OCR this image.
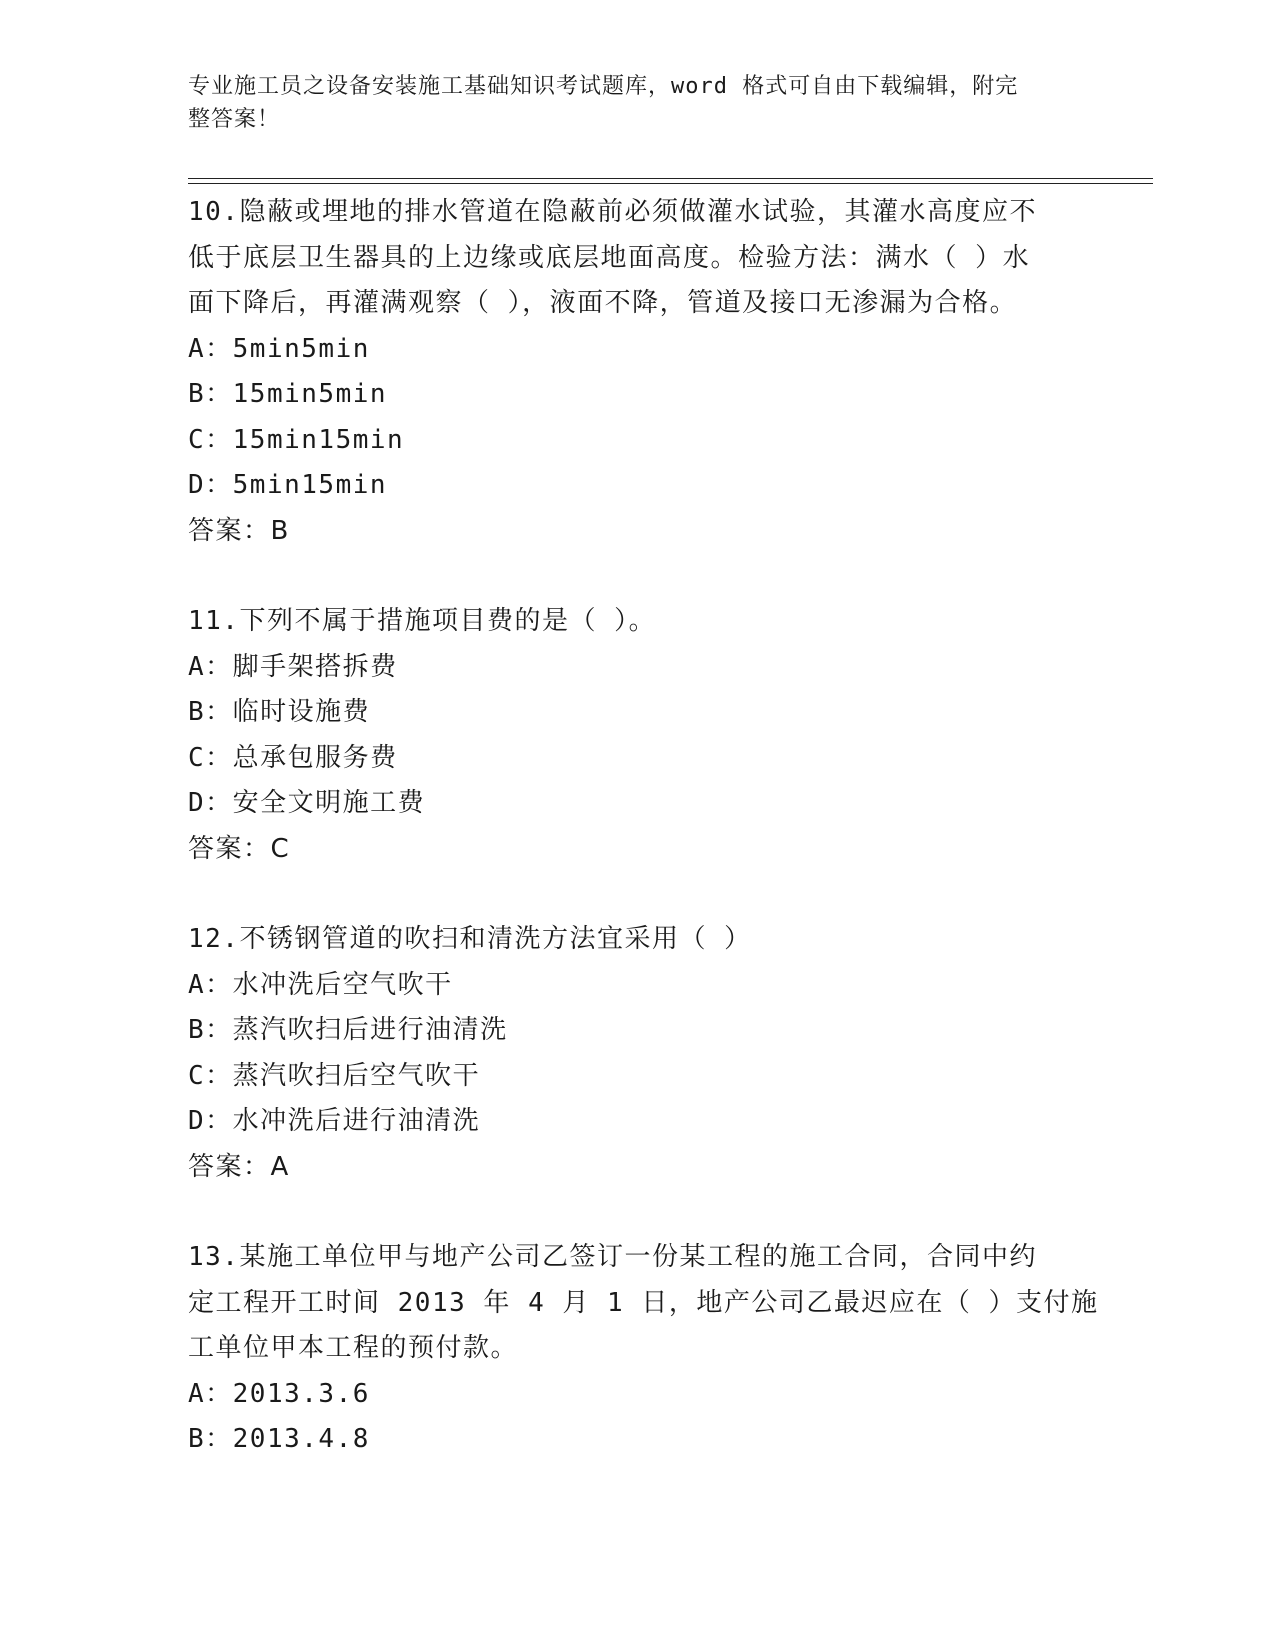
专业施工员之设备安装施工基础知识考试题库，word 格式可自由下载编辑，附完
整答案！
10.隐蔽或埋地的排水管道在隐蔽前必须做灌水试验，其灌水高度应不
低于底层卫生器具的上边缘或底层地面高度。检验方法：满水（ ）水
面下降后，再灌满观察（ ），液面不降，管道及接口无渗漏为合格。
A：5min5min
B：15min5min
C：15min15min
D：5min15min
答案：B
11.下列不属于措施项目费的是（ ）。
A：脚手架搭拆费
B：临时设施费
C：总承包服务费
D：安全文明施工费
答案：C
12.不锈钢管道的吹扫和清洗方法宜采用（ ）
A：水冲洗后空气吹干
B：蒸汽吹扫后进行油清洗
C：蒸汽吹扫后空气吹干
D：水冲洗后进行油清洗
答案：A
13.某施工单位甲与地产公司乙签订一份某工程的施工合同，合同中约
定工程开工时间 2013 年 4 月 1 日，地产公司乙最迟应在（ ）支付施
工单位甲本工程的预付款。
A：2013.3.6
B：2013.4.8
